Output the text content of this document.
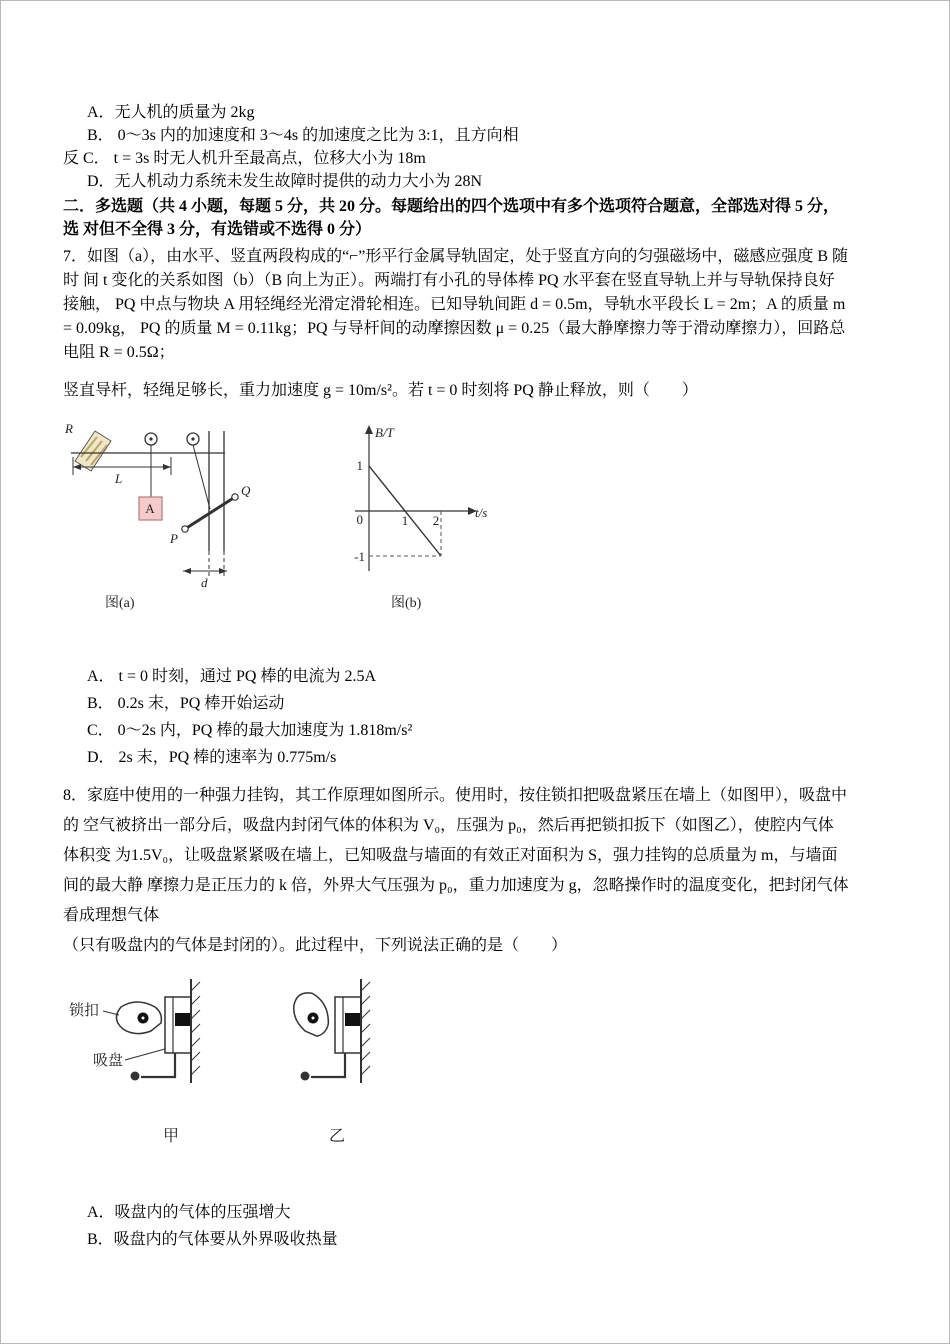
A．无人机的质量为 2kg
B． 0～3s 内的加速度和 3～4s 的加速度之比为 3:1，且方向相
反 C． t = 3s 时无人机升至最高点，位移大小为 18m
D．无人机动力系统未发生故障时提供的动力大小为 28N
二．多选题（共 4 小题，每题 5 分，共 20 分。每题给出的四个选项中有多个选项符合题意，全部选对得 5 分，
选 对但不全得 3 分，有选错或不选得 0 分）
7．如图（a），由水平、竖直两段构成的“⌐”形平行金属导轨固定，处于竖直方向的匀强磁场中，磁感应强度 B 随
时 间 t 变化的关系如图（b）（B 向上为正）。两端打有小孔的导体棒 PQ 水平套在竖直导轨上并与导轨保持良好
接触， PQ 中点与物块 A 用轻绳经光滑定滑轮相连。已知导轨间距 d = 0.5m，导轨水平段长 L = 2m；A 的质量 m
= 0.09kg， PQ 的质量 M = 0.11kg；PQ 与导杆间的动摩擦因数 μ = 0.25（最大静摩擦力等于滑动摩擦力），回路总
电阻 R = 0.5Ω；
竖直导杆，轻绳足够长，重力加速度 g = 10m/s²。若 t = 0 时刻将 PQ 静止释放，则（　　）
R
L
A
Q
P
d
图(a)
B/T
t/s
1
0	1 2
-1
图(b)
A． t = 0 时刻，通过 PQ 棒的电流为 2.5A
B． 0.2s 末，PQ 棒开始运动
C． 0～2s 内，PQ 棒的最大加速度为 1.818m/s²
D． 2s 末，PQ 棒的速率为 0.775m/s
8．家庭中使用的一种强力挂钩，其工作原理如图所示。使用时，按住锁扣把吸盘紧压在墙上（如图甲），吸盘中
的 空气被挤出一部分后，吸盘内封闭气体的体积为 V₀，压强为 p₀，然后再把锁扣扳下（如图乙），使腔内气体
体积变 为1.5V₀，让吸盘紧紧吸在墙上，已知吸盘与墙面的有效正对面积为 S，强力挂钩的总质量为 m，与墙面
间的最大静 摩擦力是正压力的 k 倍，外界大气压强为 p₀，重力加速度为 g，忽略操作时的温度变化，把封闭气体
看成理想气体
（只有吸盘内的气体是封闭的）。此过程中，下列说法正确的是（　　）
锁扣
吸盘
甲	乙
A．吸盘内的气体的压强增大
B．吸盘内的气体要从外界吸收热量
